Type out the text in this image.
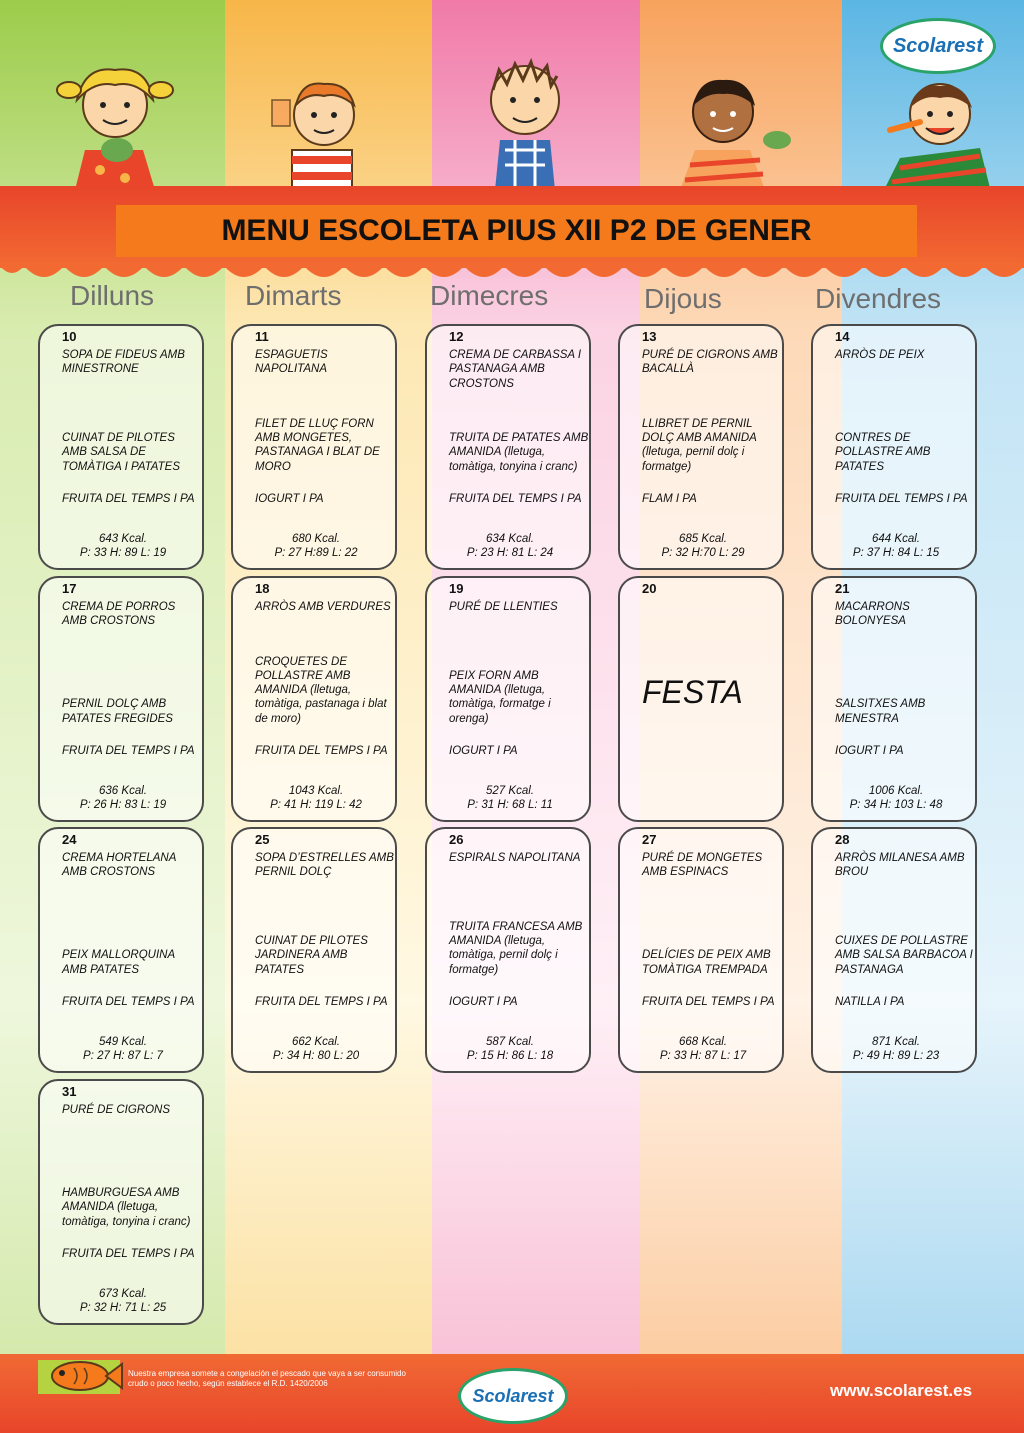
Scolarest
MENU ESCOLETA PIUS XII P2 DE GENER
Dilluns	Dimarts	Dimecres	Dijous	Divendres
10
SOPA DE FIDEUS AMB MINESTRONE
CUINAT DE PILOTES AMB SALSA DE TOMÀTIGA I PATATES
FRUITA DEL TEMPS I PA
643 Kcal.
P: 33 H: 89 L: 19
11
ESPAGUETIS NAPOLITANA
FILET DE LLUÇ FORN AMB MONGETES, PASTANAGA I BLAT DE MORO
IOGURT I PA
680 Kcal.
P: 27 H:89 L: 22
12
CREMA DE CARBASSA I PASTANAGA AMB CROSTONS
TRUITA DE PATATES AMB AMANIDA (lletuga, tomàtiga, tonyina i cranc)
FRUITA DEL TEMPS I PA
634 Kcal.
P: 23 H: 81 L: 24
13
PURÉ DE CIGRONS AMB BACALLÀ
LLIBRET DE PERNIL DOLÇ AMB AMANIDA (lletuga, pernil dolç i formatge)
FLAM I PA
685 Kcal.
P: 32 H:70 L: 29
14
ARRÒS DE PEIX
CONTRES DE POLLASTRE AMB PATATES
FRUITA DEL TEMPS I PA
644 Kcal.
P: 37 H: 84 L: 15
17
CREMA DE PORROS AMB CROSTONS
PERNIL DOLÇ AMB PATATES FREGIDES
FRUITA DEL TEMPS I PA
636 Kcal.
P: 26 H: 83 L: 19
18
ARRÒS AMB VERDURES
CROQUETES DE POLLASTRE AMB AMANIDA (lletuga, tomàtiga, pastanaga i blat de moro)
FRUITA DEL TEMPS I PA
1043 Kcal.
P: 41 H: 119 L: 42
19
PURÉ DE LLENTIES
PEIX FORN AMB AMANIDA (lletuga, tomàtiga, formatge i orenga)
IOGURT I PA
527 Kcal.
P: 31 H: 68 L: 11
20
FESTA
21
MACARRONS BOLONYESA
SALSITXES AMB MENESTRA
IOGURT I PA
1006 Kcal.
P: 34 H: 103 L: 48
24
CREMA HORTELANA AMB CROSTONS
PEIX MALLORQUINA AMB PATATES
FRUITA DEL TEMPS I PA
549 Kcal.
P: 27 H: 87 L: 7
25
SOPA D’ESTRELLES AMB PERNIL DOLÇ
CUINAT DE PILOTES JARDINERA AMB PATATES
FRUITA DEL TEMPS I PA
662 Kcal.
P: 34 H: 80 L: 20
26
ESPIRALS NAPOLITANA
TRUITA FRANCESA AMB AMANIDA (lletuga, tomàtiga, pernil dolç i formatge)
IOGURT I PA
587 Kcal.
P: 15 H: 86 L: 18
27
PURÉ DE MONGETES AMB ESPINACS
DELÍCIES DE PEIX AMB TOMÀTIGA TREMPADA
FRUITA DEL TEMPS I PA
668 Kcal.
P: 33 H: 87 L: 17
28
ARRÒS MILANESA AMB BROU
CUIXES DE POLLASTRE AMB SALSA BARBACOA I PASTANAGA
NATILLA I PA
871 Kcal.
P: 49 H: 89 L: 23
31
PURÉ DE CIGRONS
HAMBURGUESA AMB AMANIDA (lletuga, tomàtiga, tonyina i cranc)
FRUITA DEL TEMPS I PA
673 Kcal.
P: 32 H: 71 L: 25
Nuestra empresa somete a congelación el pescado que vaya a ser consumido crudo o poco hecho, según establece el R.D. 1420/2006
Scolarest	www.scolarest.es
